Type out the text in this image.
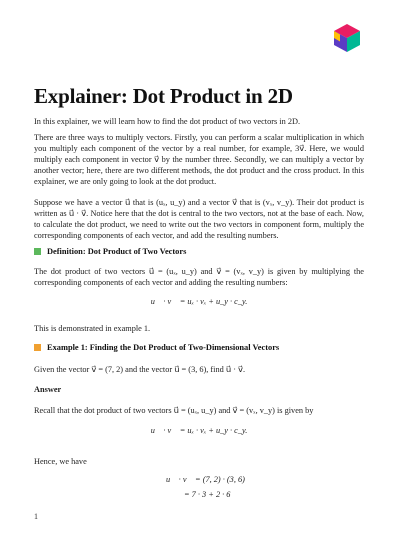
Explainer: Dot Product in 2D
In this explainer, we will learn how to find the dot product of two vectors in 2D.
There are three ways to multiply vectors. Firstly, you can perform a scalar multiplication in which you multiply each component of the vector by a real number, for example, 3v⃗. Here, we would multiply each component in vector v⃗ by the number three. Secondly, we can multiply a vector by another vector; here, there are two different methods, the dot product and the cross product. In this explainer, we are only going to look at the dot product.
Suppose we have a vector u⃗ that is (uₓ, u_y) and a vector v⃗ that is (vₓ, v_y). Their dot product is written as u⃗ · v⃗. Notice here that the dot is central to the two vectors, not at the base of each. Now, to calculate the dot product, we need to write out the two vectors in component form, multiply the corresponding components of each vector, and add the resulting numbers.
Definition: Dot Product of Two Vectors
The dot product of two vectors u⃗ = (uₓ, u_y) and v⃗ = (vₓ, v_y) is given by multiplying the corresponding components of each vector and adding the resulting numbers:
u⃗ · v⃗ = uₓ · vₓ + u_y · c_y.
This is demonstrated in example 1.
Example 1: Finding the Dot Product of Two-Dimensional Vectors
Given the vector v⃗ = (7, 2) and the vector u⃗ = (3, 6), find u⃗ · v⃗.
Answer
Recall that the dot product of two vectors u⃗ = (uₓ, u_y) and v⃗ = (vₓ, v_y) is given by
u⃗ · v⃗ = uₓ · vₓ + u_y · c_y.
Hence, we have
u⃗ · v⃗ = (7, 2) · (3, 6)
= 7 · 3 + 2 · 6
1
